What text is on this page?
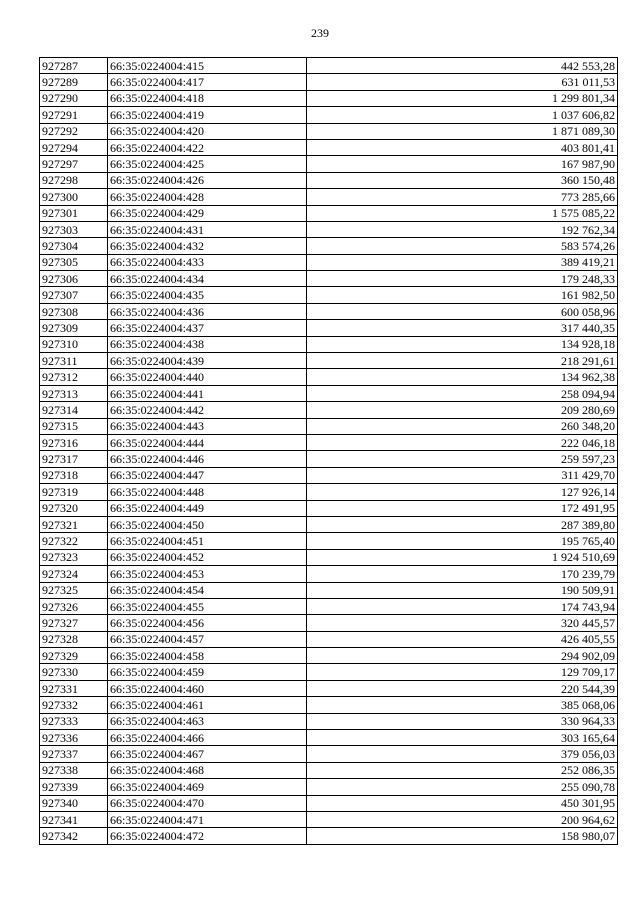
239
927287	66:35:0224004:415	442 553,28
927289	66:35:0224004:417	631 011,53
927290	66:35:0224004:418	1 299 801,34
927291	66:35:0224004:419	1 037 606,82
927292	66:35:0224004:420	1 871 089,30
927294	66:35:0224004:422	403 801,41
927297	66:35:0224004:425	167 987,90
927298	66:35:0224004:426	360 150,48
927300	66:35:0224004:428	773 285,66
927301	66:35:0224004:429	1 575 085,22
927303	66:35:0224004:431	192 762,34
927304	66:35:0224004:432	583 574,26
927305	66:35:0224004:433	389 419,21
927306	66:35:0224004:434	179 248,33
927307	66:35:0224004:435	161 982,50
927308	66:35:0224004:436	600 058,96
927309	66:35:0224004:437	317 440,35
927310	66:35:0224004:438	134 928,18
927311	66:35:0224004:439	218 291,61
927312	66:35:0224004:440	134 962,38
927313	66:35:0224004:441	258 094,94
927314	66:35:0224004:442	209 280,69
927315	66:35:0224004:443	260 348,20
927316	66:35:0224004:444	222 046,18
927317	66:35:0224004:446	259 597,23
927318	66:35:0224004:447	311 429,70
927319	66:35:0224004:448	127 926,14
927320	66:35:0224004:449	172 491,95
927321	66:35:0224004:450	287 389,80
927322	66:35:0224004:451	195 765,40
927323	66:35:0224004:452	1 924 510,69
927324	66:35:0224004:453	170 239,79
927325	66:35:0224004:454	190 509,91
927326	66:35:0224004:455	174 743,94
927327	66:35:0224004:456	320 445,57
927328	66:35:0224004:457	426 405,55
927329	66:35:0224004:458	294 902,09
927330	66:35:0224004:459	129 709,17
927331	66:35:0224004:460	220 544,39
927332	66:35:0224004:461	385 068,06
927333	66:35:0224004:463	330 964,33
927336	66:35:0224004:466	303 165,64
927337	66:35:0224004:467	379 056,03
927338	66:35:0224004:468	252 086,35
927339	66:35:0224004:469	255 090,78
927340	66:35:0224004:470	450 301,95
927341	66:35:0224004:471	200 964,62
927342	66:35:0224004:472	158 980,07
